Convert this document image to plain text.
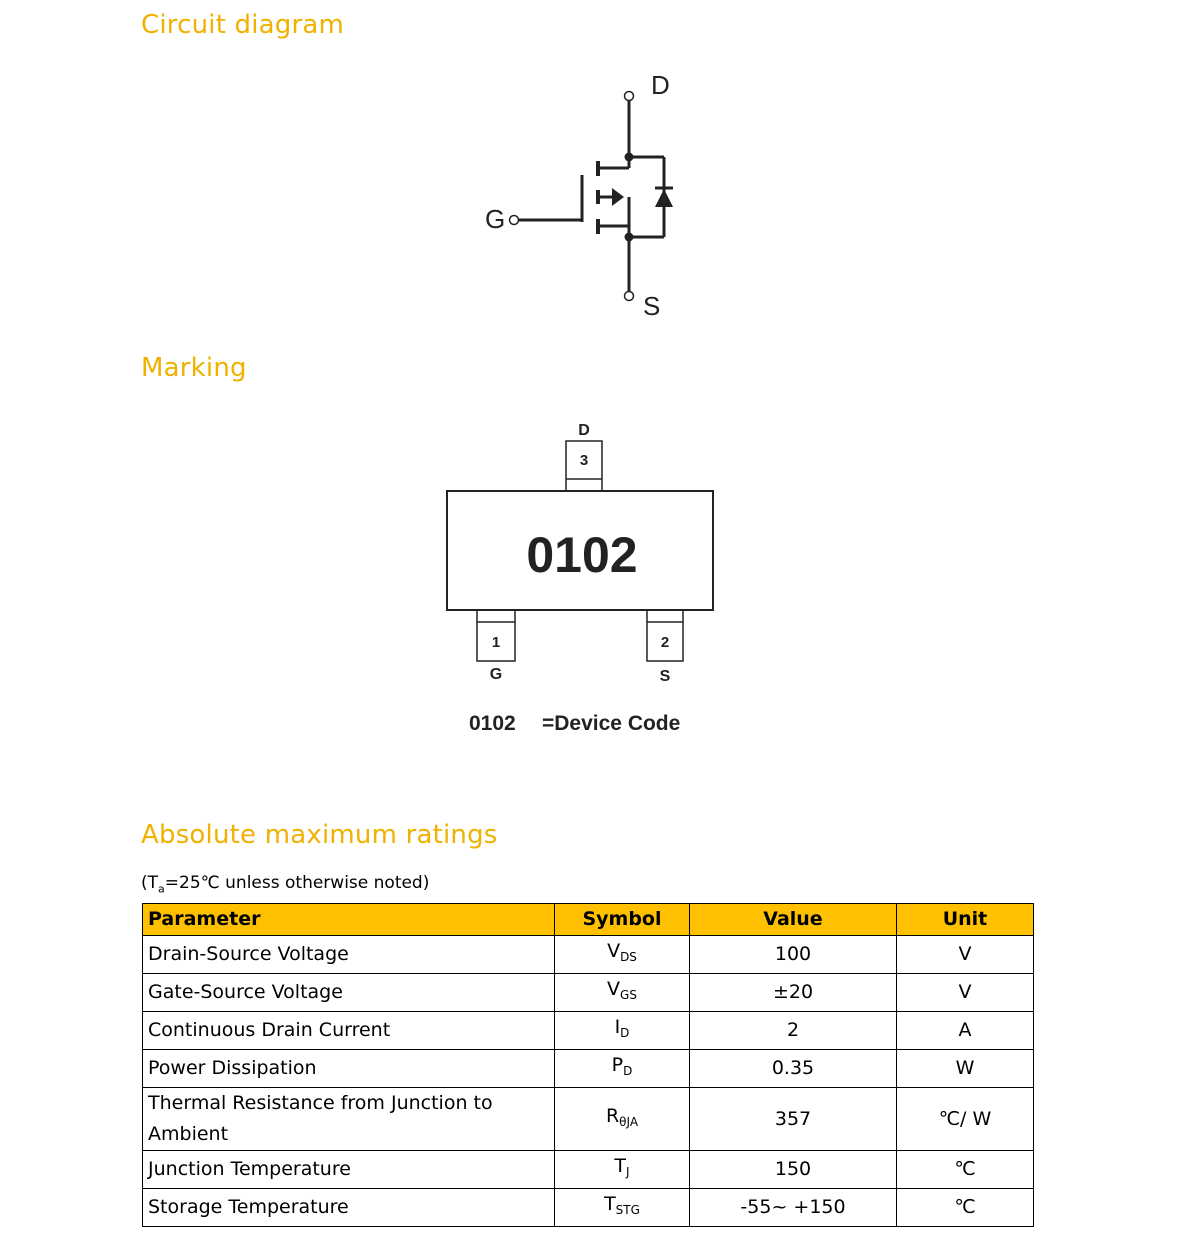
Circuit diagram
D
G
S
Marking
0102
3
D
1
G
2
S
0102 =Device Code
Absolute maximum ratings
($T_a=25℃$ unless otherwise noted)
Parameter	Symbol	Value	Unit
Drain-Source Voltage	$V_{DS}$	100	V
Gate-Source Voltage	$V_{GS}$	±20	V
Continuous Drain Current	$I_D$	2	A
Power Dissipation	$P_D$	0.35	W
Thermal Resistance from Junction to Ambient	$R_{\theta JA}$	357	℃/ W
Junction Temperature	$T_J$	150	℃
Storage Temperature	$T_{STG}$	-55~ +150	℃
